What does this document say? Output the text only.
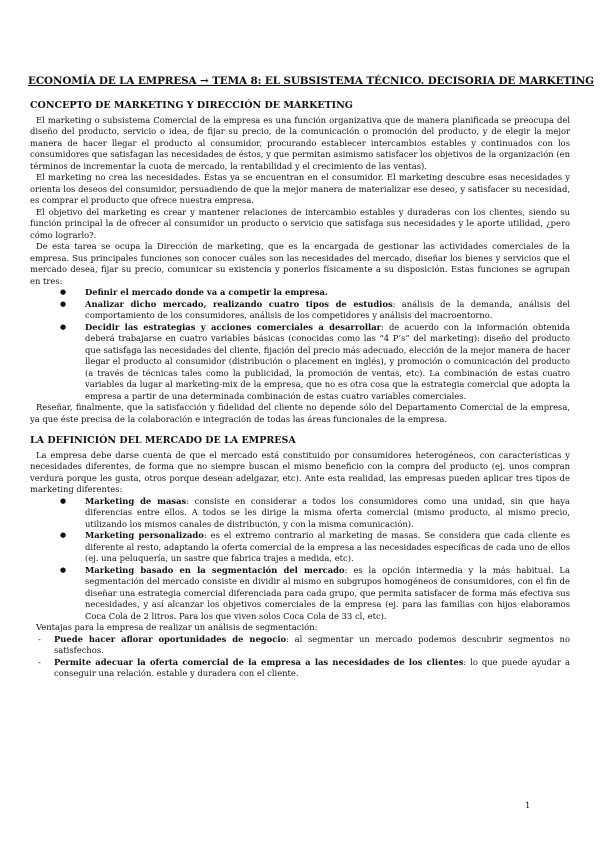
ECONOMÍA DE LA EMPRESA → TEMA 8: EL SUBSISTEMA TÉCNICO. DECISORIA DE MARKETING
CONCEPTO DE MARKETING Y DIRECCIÓN DE MARKETING

El marketing o subsistema Comercial de la empresa es una función organizativa que de manera planificada se preocupa del diseño del producto, servicio o idea, de fijar su precio, de la comunicación o promoción del producto, y de elegir la mejor manera de hacer llegar el producto al consumidor, procurando establecer intercambios estables y continuados con los consumidores que satisfagan las necesidades de éstos, y que permitan asimismo satisfacer los objetivos de la organización (en términos de incrementar la cuota de mercado, la rentabilidad y el crecimiento de las ventas).

El marketing no crea las necesidades. Éstas ya se encuentran en el consumidor. El marketing descubre esas necesidades y orienta los deseos del consumidor, persuadiendo de que la mejor manera de materializar ese deseo, y satisfacer su necesidad, es comprar el producto que ofrece nuestra empresa.

El objetivo del marketing es crear y mantener relaciones de intercambio estables y duraderas con los clientes, siendo su función principal la de ofrecer al consumidor un producto o servicio que satisfaga sus necesidades y le aporte utilidad, ¿pero cómo lograrlo?.

De esta tarea se ocupa la Dirección de marketing, que es la encargada de gestionar las actividades comerciales de la empresa. Sus principales funciones son conocer cuáles son las necesidades del mercado, diseñar los bienes y servicios que el mercado desea, fijar su precio, comunicar su existencia y ponerlos físicamente a su disposición. Estas funciones se agrupan en tres:

● Definir el mercado donde va a competir la empresa.
● Analizar dicho mercado, realizando cuatro tipos de estudios: análisis de la demanda, análisis del comportamiento de los consumidores, análisis de los competidores y análisis del macroentorno.
● Decidir las estrategias y acciones comerciales a desarrollar: de acuerdo con la información obtenida deberá trabajarse en cuatro variables básicas (conocidas como las “4 P’s” del marketing): diseño del producto que satisfaga las necesidades del cliente, fijación del precio más adecuado, elección de la mejor manera de hacer llegar el producto al consumidor (distribución o placement en inglés), y promoción o comunicación del producto (a través de técnicas tales como la publicidad, la promoción de ventas, etc). La combinación de estas cuatro variables da lugar al marketing-mix de la empresa, que no es otra cosa que la estrategia comercial que adopta la empresa a partir de una determinada combinación de estas cuatro variables comerciales.

Reseñar, finalmente, que la satisfacción y fidelidad del cliente no depende sólo del Departamento Comercial de la empresa, ya que éste precisa de la colaboración e integración de todas las áreas funcionales de la empresa.

LA DEFINICIÓN DEL MERCADO DE LA EMPRESA

La empresa debe darse cuenta de que el mercado está constituido por consumidores heterogéneos, con características y necesidades diferentes, de forma que no siempre buscan el mismo beneficio con la compra del producto (ej. unos compran verdura porque les gusta, otros porque desean adelgazar, etc). Ante esta realidad, las empresas pueden aplicar tres tipos de marketing diferentes:

● Marketing de masas: consiste en considerar a todos los consumidores como una unidad, sin que haya diferencias entre ellos. A todos se les dirige la misma oferta comercial (mismo producto, al mismo precio, utilizando los mismos canales de distribución, y con la misma comunicación).
● Marketing personalizado: es el extremo contrario al marketing de masas. Se considera que cada cliente es diferente al resto, adaptando la oferta comercial de la empresa a las necesidades específicas de cada uno de ellos (ej. una peluquería, un sastre que fabrica trajes a medida, etc).
● Marketing basado en la segmentación del mercado: es la opción intermedia y la más habitual. La segmentación del mercado consiste en dividir al mismo en subgrupos homogéneos de consumidores, con el fin de diseñar una estrategia comercial diferenciada para cada grupo, que permita satisfacer de forma más efectiva sus necesidades, y así alcanzar los objetivos comerciales de la empresa (ej. para las familias con hijos elaboramos Coca Cola de 2 litros. Para los que viven solos Coca Cola de 33 cl, etc).

Ventajas para la empresa de realizar un análisis de segmentación:

- Puede hacer aflorar oportunidades de negocio: al segmentar un mercado podemos descubrir segmentos no satisfechos.
- Permite adecuar la oferta comercial de la empresa a las necesidades de los clientes: lo que puede ayudar a conseguir una relación. estable y duradera con el cliente.
1
